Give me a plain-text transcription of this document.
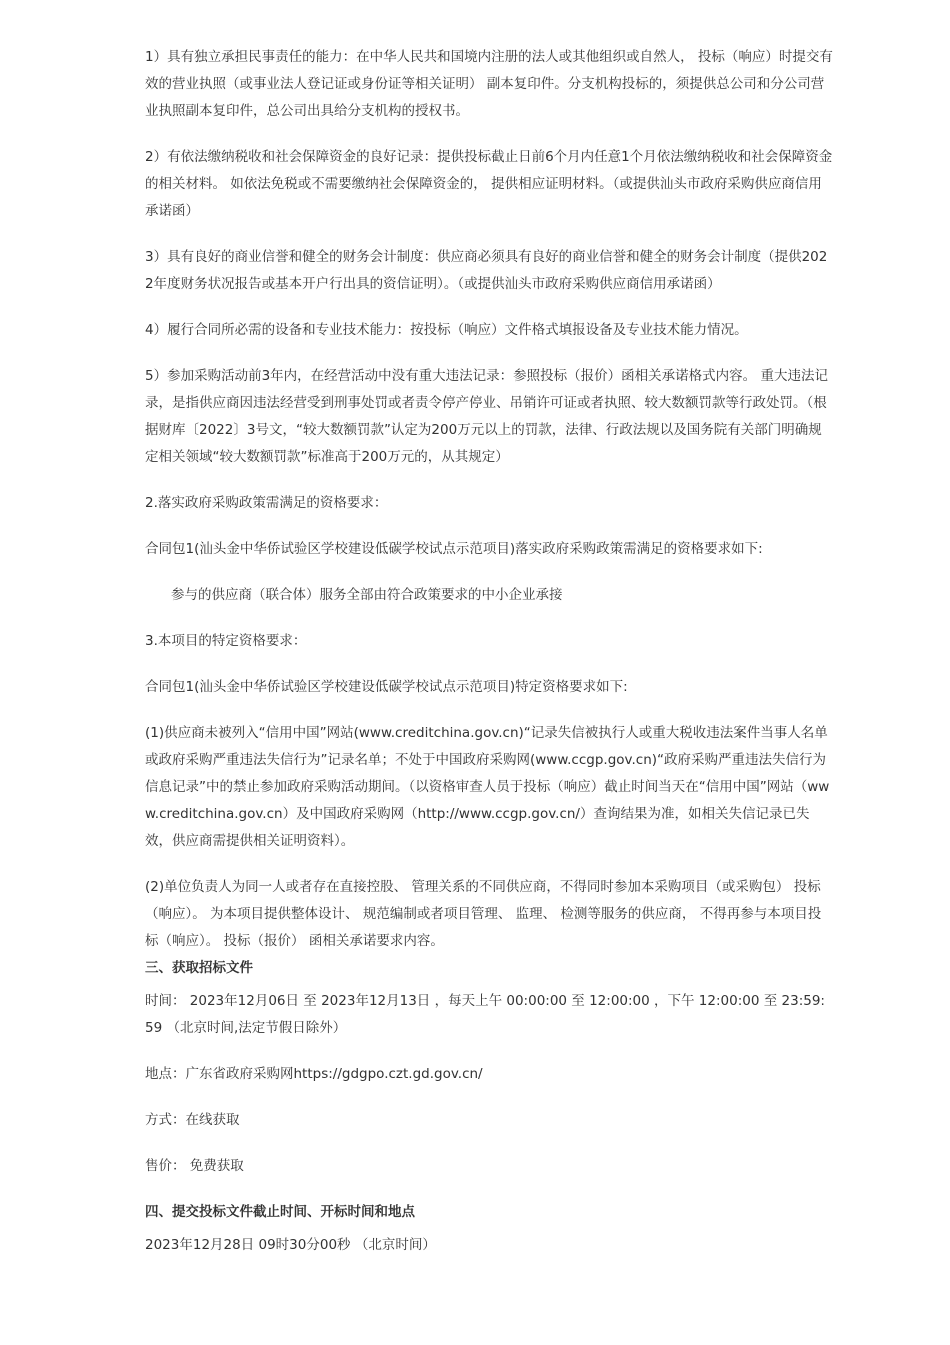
1）具有独立承担民事责任的能力：在中华人民共和国境内注册的法人或其他组织或自然人， 投标（响应）时提交有效的营业执照（或事业法人登记证或身份证等相关证明） 副本复印件。分支机构投标的，须提供总公司和分公司营业执照副本复印件，总公司出具给分支机构的授权书。

2）有依法缴纳税收和社会保障资金的良好记录：提供投标截止日前6个月内任意1个月依法缴纳税收和社会保障资金的相关材料。 如依法免税或不需要缴纳社会保障资金的， 提供相应证明材料。（或提供汕头市政府采购供应商信用承诺函）

3）具有良好的商业信誉和健全的财务会计制度：供应商必须具有良好的商业信誉和健全的财务会计制度（提供2022年度财务状况报告或基本开户行出具的资信证明）。（或提供汕头市政府采购供应商信用承诺函）

4）履行合同所必需的设备和专业技术能力：按投标（响应）文件格式填报设备及专业技术能力情况。

5）参加采购活动前3年内，在经营活动中没有重大违法记录：参照投标（报价）函相关承诺格式内容。 重大违法记录，是指供应商因违法经营受到刑事处罚或者责令停产停业、吊销许可证或者执照、较大数额罚款等行政处罚。（根据财库〔2022〕3号文，“较大数额罚款”认定为200万元以上的罚款，法律、行政法规以及国务院有关部门明确规定相关领域“较大数额罚款”标准高于200万元的，从其规定）

2.落实政府采购政策需满足的资格要求：

合同包1(汕头金中华侨试验区学校建设低碳学校试点示范项目)落实政府采购政策需满足的资格要求如下:

参与的供应商（联合体）服务全部由符合政策要求的中小企业承接

3.本项目的特定资格要求：

合同包1(汕头金中华侨试验区学校建设低碳学校试点示范项目)特定资格要求如下:

(1)供应商未被列入“信用中国”网站(www.creditchina.gov.cn)“记录失信被执行人或重大税收违法案件当事人名单或政府采购严重违法失信行为”记录名单；不处于中国政府采购网(www.ccgp.gov.cn)“政府采购严重违法失信行为信息记录”中的禁止参加政府采购活动期间。（以资格审查人员于投标（响应）截止时间当天在“信用中国”网站（www.creditchina.gov.cn）及中国政府采购网（http://www.ccgp.gov.cn/）查询结果为准，如相关失信记录已失效，供应商需提供相关证明资料）。

(2)单位负责人为同一人或者存在直接控股、 管理关系的不同供应商，不得同时参加本采购项目（或采购包） 投标（响应）。 为本项目提供整体设计、 规范编制或者项目管理、 监理、 检测等服务的供应商， 不得再参与本项目投标（响应）。 投标（报价） 函相关承诺要求内容。

三、获取招标文件

时间： 2023年12月06日 至 2023年12月13日 ，每天上午 00:00:00 至 12:00:00 ，下午 12:00:00 至 23:59:59 （北京时间,法定节假日除外）

地点：广东省政府采购网https://gdgpo.czt.gd.gov.cn/

方式：在线获取

售价： 免费获取

四、提交投标文件截止时间、开标时间和地点

2023年12月28日 09时30分00秒 （北京时间）
